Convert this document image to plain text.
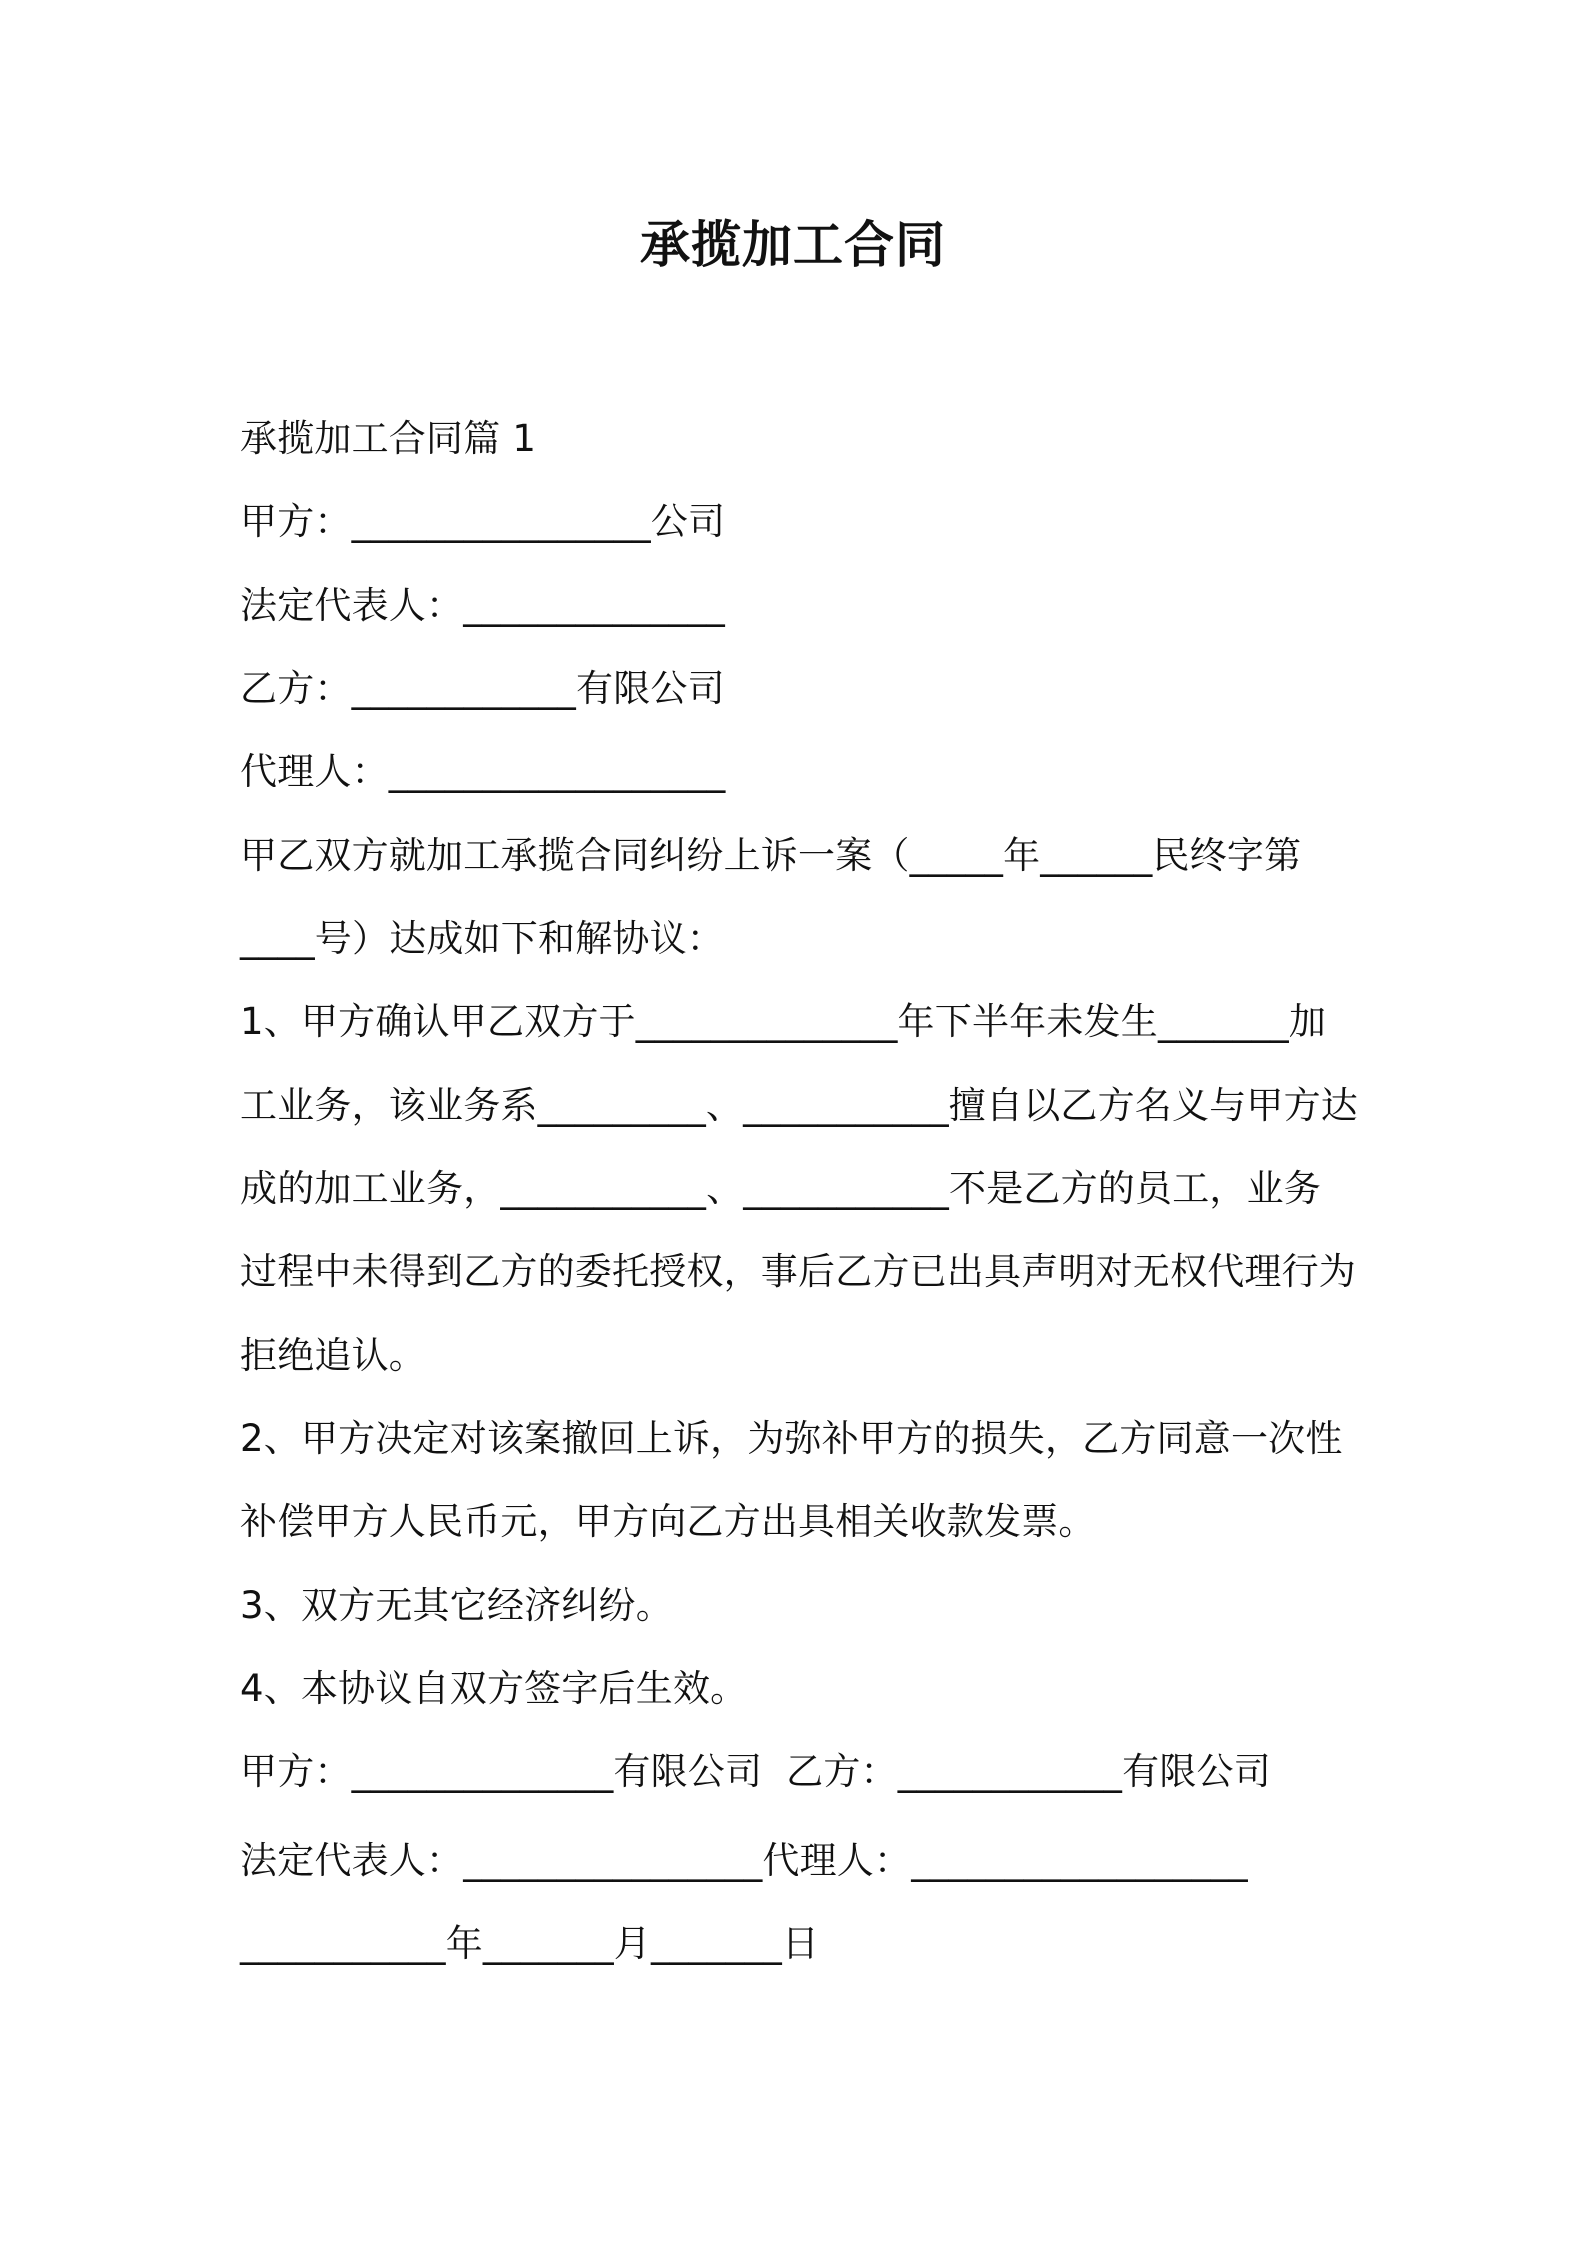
承揽加工合同
承揽加工合同篇 1
甲方：________________公司
法定代表人：______________
乙方：____________有限公司
代理人：__________________
甲乙双方就加工承揽合同纠纷上诉一案（_____年______民终字第
____号）达成如下和解协议：
1、甲方确认甲乙双方于______________年下半年未发生_______加
工业务，该业务系_________、___________擅自以乙方名义与甲方达
成的加工业务，___________、___________不是乙方的员工，业务
过程中未得到乙方的委托授权，事后乙方已出具声明对无权代理行为
拒绝追认。
2、甲方决定对该案撤回上诉，为弥补甲方的损失，乙方同意一次性
补偿甲方人民币元，甲方向乙方出具相关收款发票。
3、双方无其它经济纠纷。
4、本协议自双方签字后生效。
甲方：______________有限公司  乙方：____________有限公司
法定代表人：________________代理人：__________________
___________年_______月_______日
